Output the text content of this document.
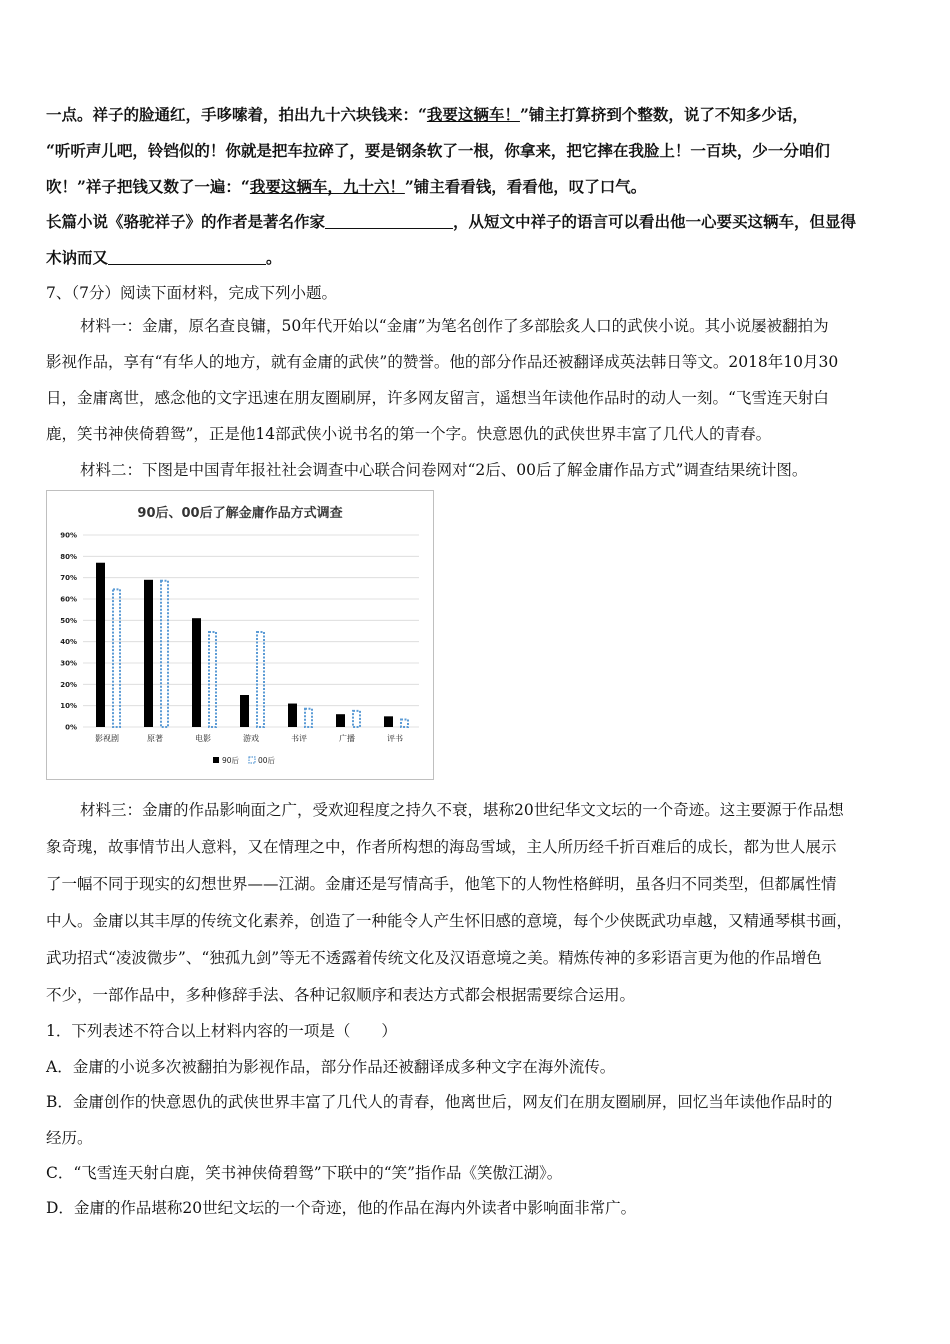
一点。祥子的脸通红，手哆嗦着，拍出九十六块钱来：“我要这辆车！”铺主打算挤到个整数，说了不知多少话，
“听听声儿吧，铃铛似的！你就是把车拉碎了，要是钢条软了一根，你拿来，把它摔在我脸上！一百块，少一分咱们
吹！”祥子把钱又数了一遍：“我要这辆车，九十六！”铺主看看钱，看看他，叹了口气。
长篇小说《骆驼祥子》的作者是著名作家	，从短文中祥子的语言可以看出他一心要买这辆车，但显得
木讷而又	。
7、（7分）阅读下面材料，完成下列小题。
材料一：金庸，原名查良镛，50年代开始以“金庸”为笔名创作了多部脍炙人口的武侠小说。其小说屡被翻拍为
影视作品，享有“有华人的地方，就有金庸的武侠”的赞誉。他的部分作品还被翻译成英法韩日等文。2018年10月30
日，金庸离世，感念他的文字迅速在朋友圈刷屏，许多网友留言，遥想当年读他作品时的动人一刻。“飞雪连天射白
鹿，笑书神侠倚碧鸳”，正是他14部武侠小说书名的第一个字。快意恩仇的武侠世界丰富了几代人的青春。
材料二：下图是中国青年报社社会调查中心联合问卷网对“2后、00后了解金庸作品方式”调查结果统计图。
90后、00后了解金庸作品方式调查
0%
10%
20%
30%
40%
50%
60%
70%
80%
90%
影视剧	原著	电影	游戏	书评	广播	评书
90后	00后
材料三：金庸的作品影响面之广，受欢迎程度之持久不衰，堪称20世纪华文文坛的一个奇迹。这主要源于作品想
象奇瑰，故事情节出人意料，又在情理之中，作者所构想的海岛雪域，主人所历经千折百难后的成长，都为世人展示
了一幅不同于现实的幻想世界——江湖。金庸还是写情高手，他笔下的人物性格鲜明，虽各归不同类型，但都属性情
中人。金庸以其丰厚的传统文化素养，创造了一种能令人产生怀旧感的意境，每个少侠既武功卓越，又精通琴棋书画，
武功招式“凌波微步”、“独孤九剑”等无不透露着传统文化及汉语意境之美。精炼传神的多彩语言更为他的作品增色
不少，一部作品中，多种修辞手法、各种记叙顺序和表达方式都会根据需要综合运用。
1．下列表述不符合以上材料内容的一项是（　　）
A．金庸的小说多次被翻拍为影视作品，部分作品还被翻译成多种文字在海外流传。
B．金庸创作的快意恩仇的武侠世界丰富了几代人的青春，他离世后，网友们在朋友圈刷屏，回忆当年读他作品时的
经历。
C．“飞雪连天射白鹿，笑书神侠倚碧鸳”下联中的“笑”指作品《笑傲江湖》。
D．金庸的作品堪称20世纪文坛的一个奇迹，他的作品在海内外读者中影响面非常广。
